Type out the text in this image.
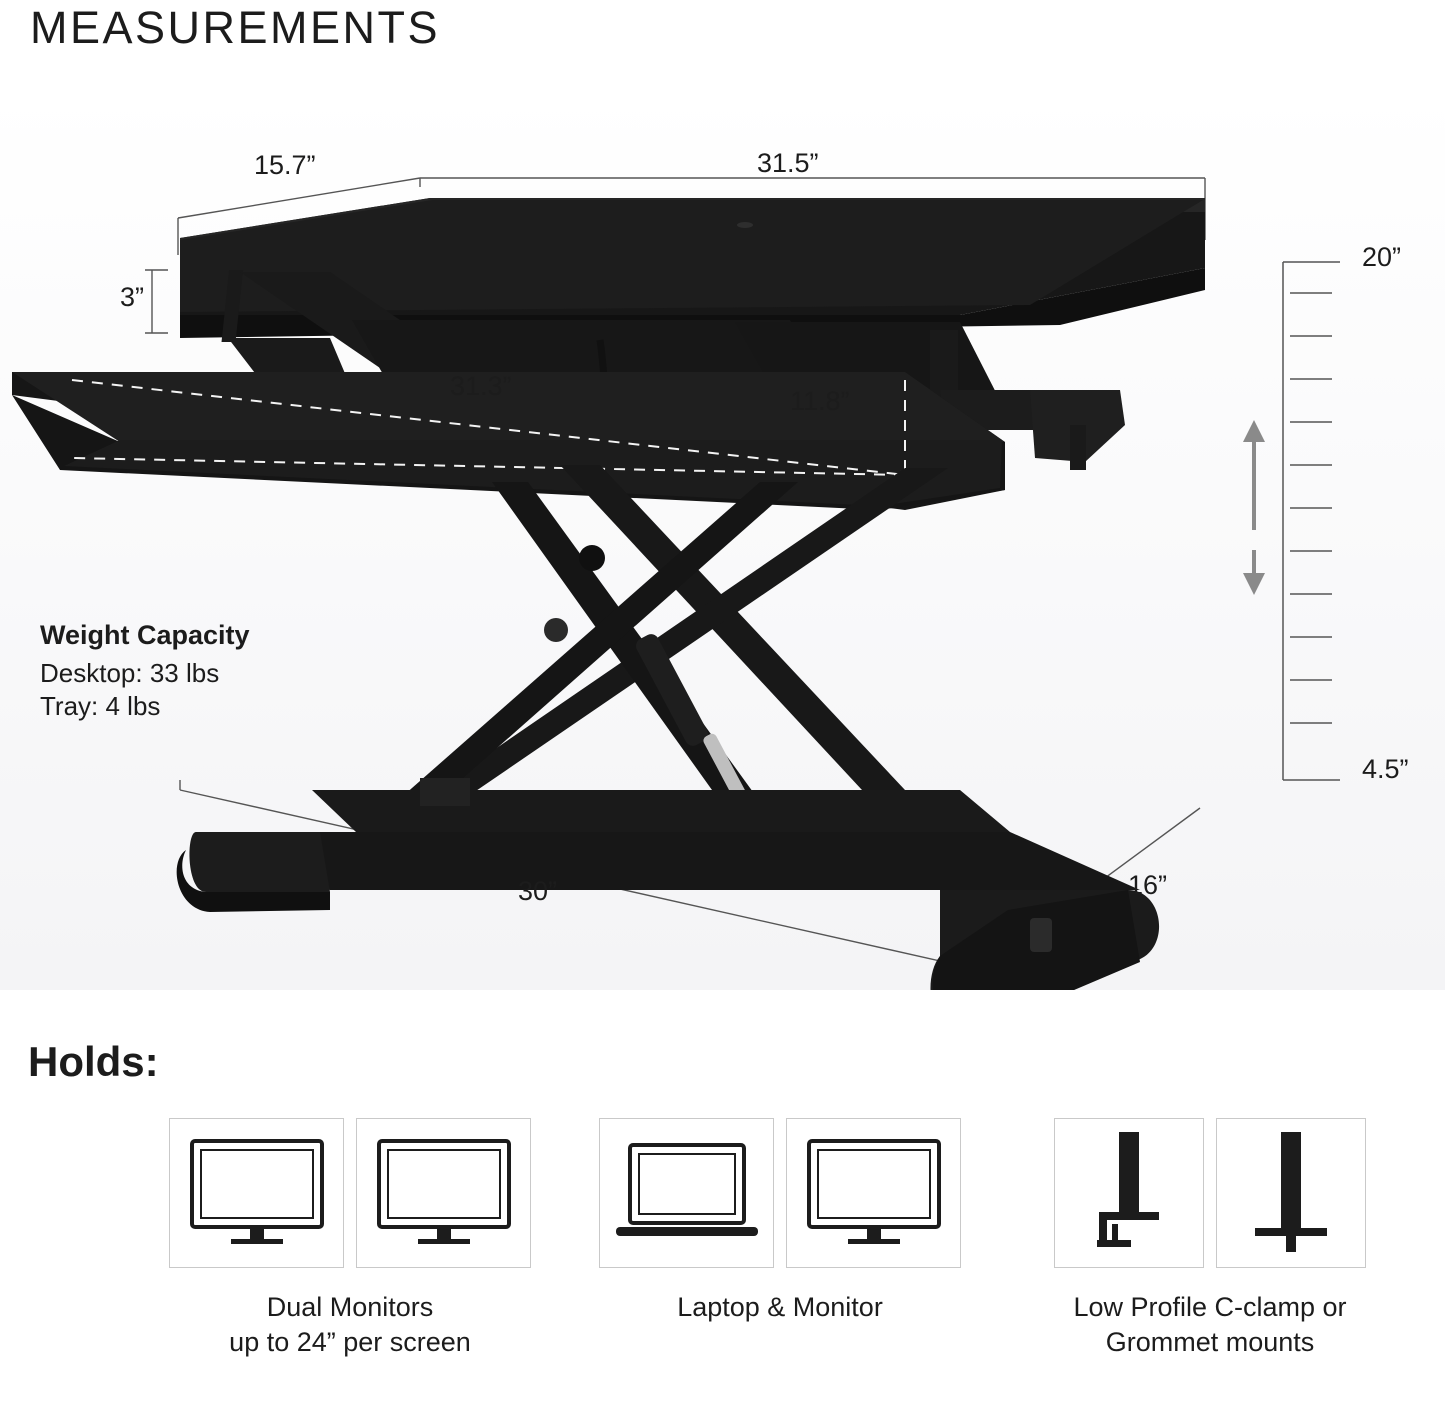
MEASUREMENTS
15.7”	31.5”
3”
31.3”	11.8”
30”	16”
20”
4.5”
Weight Capacity
Desktop: 33 lbs
Tray: 4 lbs
Holds:
Dual Monitors
up to 24” per screen
Laptop & Monitor	Low Profile C-clamp or
Grommet mounts
